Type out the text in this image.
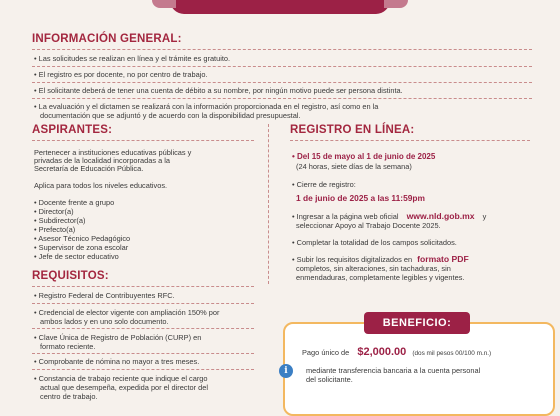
INFORMACIÓN GENERAL:
• Las solicitudes se realizan en línea y el trámite es gratuito.
• El registro es por docente, no por centro de trabajo.
• El solicitante deberá de tener una cuenta de débito a su nombre, por ningún motivo puede ser persona distinta.
• La evaluación y el dictamen se realizará con la información proporcionada en el registro, así como en la
documentación que se adjuntó y de acuerdo con la disponibilidad presupuestal.
ASPIRANTES:
Pertenecer a instituciones educativas públicas y
privadas de la localidad incorporadas a la
Secretaría de Educación Pública.
Aplica para todos los niveles educativos.
• Docente frente a grupo
• Director(a)
• Subdirector(a)
• Prefecto(a)
• Asesor Técnico Pedagógico
• Supervisor de zona escolar
• Jefe de sector educativo
REQUISITOS:
• Registro Federal de Contribuyentes RFC.
• Credencial de elector vigente con ampliación 150% por
ambos lados y en uno solo documento.
• Clave Única de Registro de Población (CURP) en
formato reciente.
• Comprobante de nómina no mayor a tres meses.
• Constancia de trabajo reciente que indique el cargo
actual que desempeña, expedida por el director del
centro de trabajo.
REGISTRO EN LÍNEA:
• Del 15 de mayo al 1 de junio de 2025
(24 horas, siete días de la semana)
• Cierre de registro:
1 de junio de 2025 a las 11:59pm
• Ingresar a la página web oficial www.nld.gob.mx y
seleccionar Apoyo al Trabajo Docente 2025.
• Completar la totalidad de los campos solicitados.
• Subir los requisitos digitalizados en formato PDF
completos, sin alteraciones, sin tachaduras, sin
enmendaduras, completamente legibles y vigentes.
BENEFICIO:
Pago único de $2,000.00 (dos mil pesos 00/100 m.n.)
i	mediante transferencia bancaria a la cuenta personal
del solicitante.
